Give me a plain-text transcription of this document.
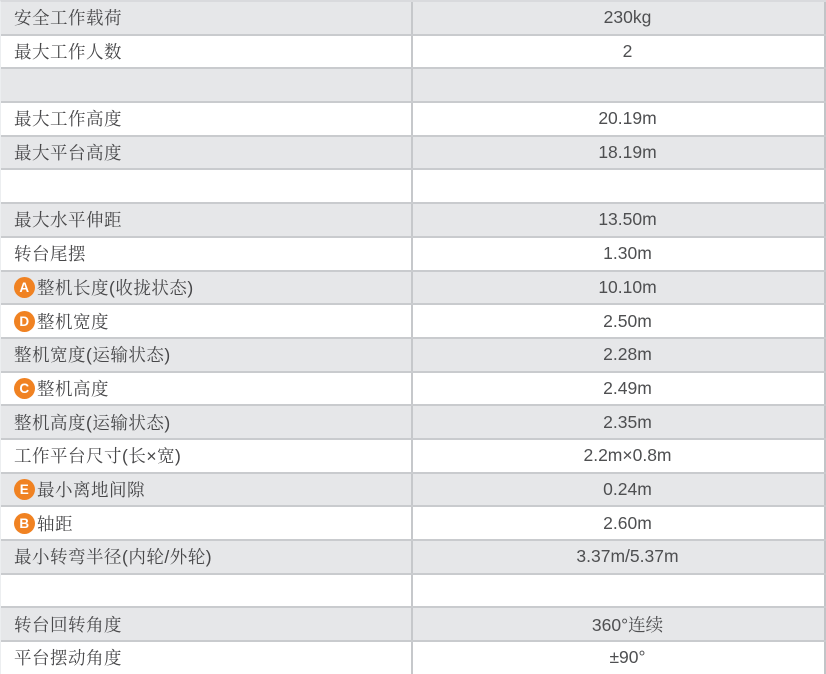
安全工作载荷	230kg
最大工作人数	2
最大工作高度	20.19m
最大平台高度	18.19m
最大水平伸距	13.50m
转台尾摆	1.30m
A 整机长度(收拢状态)	10.10m
D 整机宽度	2.50m
整机宽度(运输状态)	2.28m
C 整机高度	2.49m
整机高度(运输状态)	2.35m
工作平台尺寸(长×宽)	2.2m×0.8m
E 最小离地间隙	0.24m
B 轴距	2.60m
最小转弯半径(内轮/外轮)	3.37m/5.37m
转台回转角度	360°连续
平台摆动角度	±90°
